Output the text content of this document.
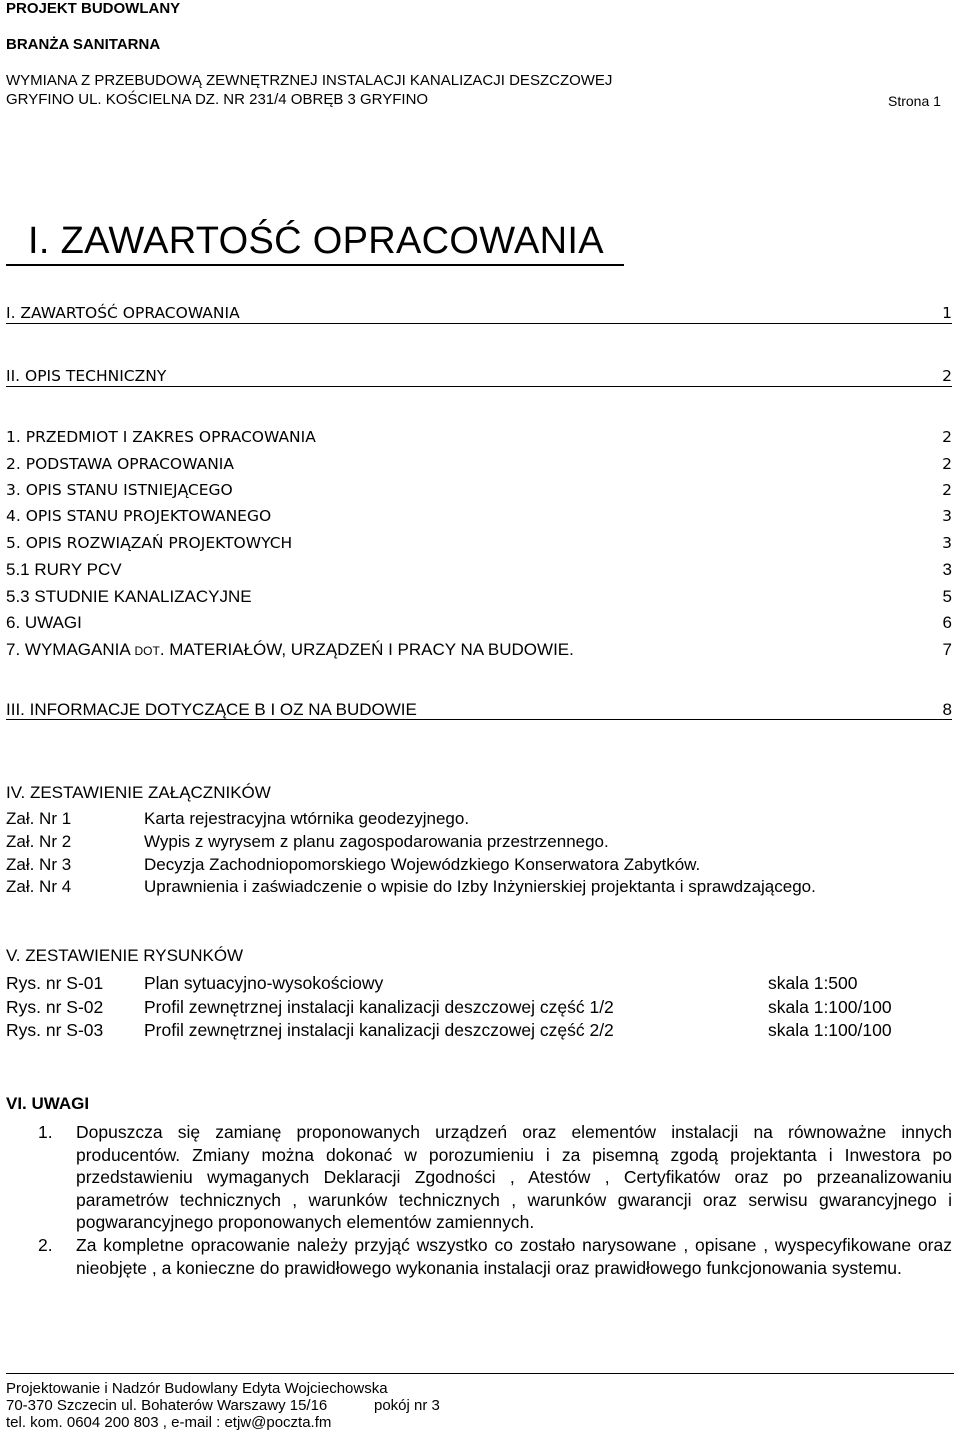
PROJEKT BUDOWLANY
BRANŻA SANITARNA
WYMIANA Z PRZEBUDOWĄ ZEWNĘTRZNEJ INSTALACJI KANALIZACJI DESZCZOWEJ
GRYFINO UL. KOŚCIELNA DZ. NR 231/4 OBRĘB 3 GRYFINO	Strona 1
I. ZAWARTOŚĆ OPRACOWANIA
I. ZAWARTOŚĆ OPRACOWANIA	1
II. OPIS TECHNICZNY	2
1. PRZEDMIOT I ZAKRES OPRACOWANIA	2
2. PODSTAWA OPRACOWANIA	2
3. OPIS STANU ISTNIEJĄCEGO	2
4. OPIS STANU PROJEKTOWANEGO	3
5. OPIS ROZWIĄZAŃ PROJEKTOWYCH	3
5.1 RURY PCV	3
5.3 STUDNIE KANALIZACYJNE	5
6. UWAGI	6
7. WYMAGANIA DOT. MATERIAŁÓW, URZĄDZEŃ I PRACY NA BUDOWIE.	7
III. INFORMACJE DOTYCZĄCE B I OZ NA BUDOWIE	8
IV. ZESTAWIENIE ZAŁĄCZNIKÓW
Zał. Nr 1	Karta rejestracyjna wtórnika geodezyjnego.
Zał. Nr 2	Wypis z wyrysem z planu zagospodarowania przestrzennego.
Zał. Nr 3	Decyzja Zachodniopomorskiego Wojewódzkiego Konserwatora Zabytków.
Zał. Nr 4	Uprawnienia i zaświadczenie o wpisie do Izby Inżynierskiej projektanta i sprawdzającego.
V. ZESTAWIENIE RYSUNKÓW
Rys. nr S-01 Plan sytuacyjno-wysokościowy	skala 1:500
Rys. nr S-02 Profil zewnętrznej instalacji kanalizacji deszczowej część 1/2	skala 1:100/100
Rys. nr S-03 Profil zewnętrznej instalacji kanalizacji deszczowej część 2/2	skala 1:100/100
VI. UWAGI
1. Dopuszcza się zamianę proponowanych urządzeń oraz elementów instalacji na równoważne innych producentów. Zmiany można dokonać w porozumieniu i za pisemną zgodą projektanta i Inwestora po przedstawieniu wymaganych Deklaracji Zgodności , Atestów , Certyfikatów oraz po przeanalizowaniu parametrów technicznych , warunków technicznych , warunków gwarancji oraz serwisu gwarancyjnego i pogwarancyjnego proponowanych elementów zamiennych.
2. Za kompletne opracowanie należy przyjąć wszystko co zostało narysowane , opisane , wyspecyfikowane oraz nieobjęte , a konieczne do prawidłowego wykonania instalacji oraz prawidłowego funkcjonowania systemu.
Projektowanie i Nadzór Budowlany Edyta Wojciechowska
70-370 Szczecin ul. Bohaterów Warszawy 15/16	pokój nr 3
tel. kom. 0604 200 803 , e-mail : etjw@poczta.fm
